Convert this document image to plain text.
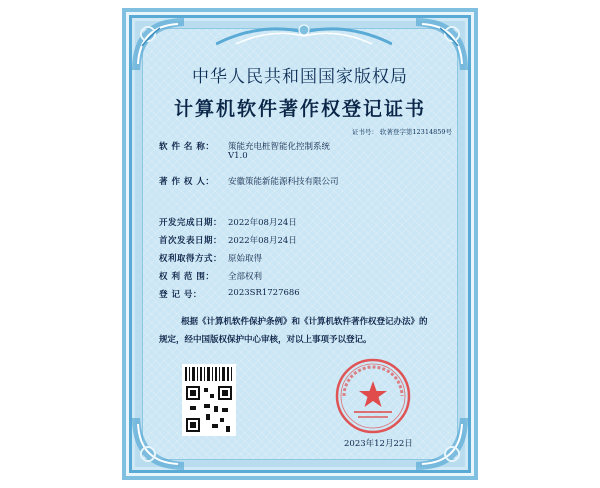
中华人民共和国国家版权局
计算机软件著作权登记证书
证书号： 软著登字第12314859号
软 件 名 称： 策能充电桩智能化控制系统
V1.0
著 作 权 人： 安徽策能新能源科技有限公司
开发完成日期： 2022年08月24日
首次发表日期： 2022年08月24日
权利取得方式： 原始取得
权 利 范 围： 全部权利
登 记 号：	2023SR1727686
根据《计算机软件保护条例》和《计算机软件著作权登记办法》的
规定，经中国版权保护中心审核，对以上事项予以登记。
2023年12月22日
